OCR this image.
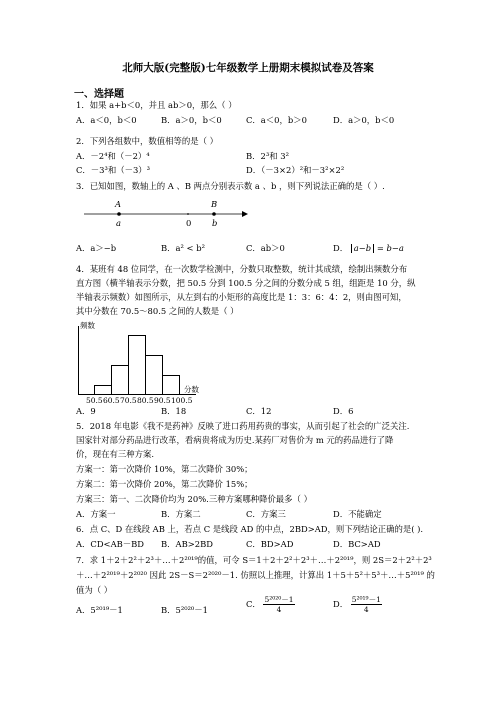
北师大版(完整版)七年级数学上册期末模拟试卷及答案
一、选择题
1．如果 a+b＜0，并且 ab＞0，那么（ ）
A．a＜0，b＜0	B．a＞0，b＜0	C．a＜0，b＞0	D．a＞0，b＜0
2．下列各组数中，数值相等的是（ ）
A．－2⁴和（－2）⁴	B．2³和 3²
C．－3³和（－3）³	D．（－3×2）²和－3²×2²
3．已知如图，数轴上的 A 、B 两点分别表示数 a 、b ，则下列说法正确的是（ ）.
A	B
a	0 b
A．a＞−b	B．a² < b²	C．ab＞0	D． a−b = b−a
4．某班有 48 位同学，在一次数学检测中，分数只取整数，统计其成绩，绘制出频数分布
直方图（横半轴表示分数，把 50.5 分到 100.5 分之间的分数分成 5 组，组距是 10 分，纵
半轴表示频数）如图所示，从左到右的小矩形的高度比是 1：3：6：4：2，则由图可知，
其中分数在 70.5～80.5 之间的人数是（ ）
频数
分数
50.5 60.5 70.5 80.5 90.5 100.5
A．9	B．18	C．12	D．6
5．2018 年电影《我不是药神》反映了进口药用药贵的事实，从而引起了社会的广泛关注.
国家针对部分药品进行改革，看病贵将成为历史.某药厂对售价为 m 元的药品进行了降
价，现在有三种方案.
方案一：第一次降价 10%，第二次降价 30%；
方案二：第一次降价 20%，第二次降价 15%；
方案三：第一、二次降价均为 20%.三种方案哪种降价最多（ ）
A．方案一	B．方案二	C．方案三	D．不能确定
6．点 C、D 在线段 AB 上，若点 C 是线段 AD 的中点，2BD>AD，则下列结论正确的是( ).
A．CD<AB－BD B．AB>2BD	C．BD>AD	D．BC>AD
7．求 1＋2＋2²＋2³＋…＋2²⁰¹⁹的值，可令 S＝1＋2＋2²＋2³＋…＋2²⁰¹⁹，则 2S＝2＋2²＋2³
＋…＋2²⁰¹⁹＋2²⁰²⁰ 因此 2S－S＝2²⁰²⁰－1. 仿照以上推理，计算出 1＋5＋5²＋5³＋…＋5²⁰¹⁹ 的
值为（ ）
A．5²⁰¹⁹－1	B．5²⁰²⁰－1
C． $\frac{\text{5²⁰²⁰－1}}{4}$	D． $\frac{\text{5²⁰¹⁹－1}}{4}$
